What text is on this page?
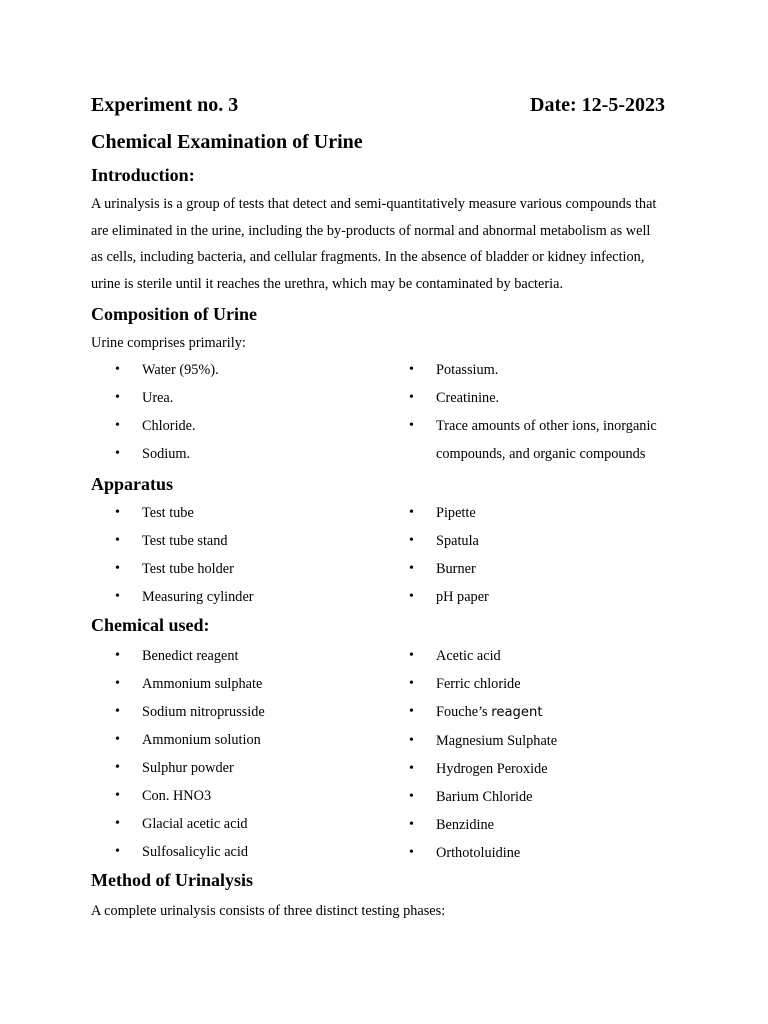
Experiment no. 3	Date: 12-5-2023
Chemical Examination of Urine
Introduction:
A urinalysis is a group of tests that detect and semi-quantitatively measure various compounds that
are eliminated in the urine, including the by-products of normal and abnormal metabolism as well
as cells, including bacteria, and cellular fragments. In the absence of bladder or kidney infection,
urine is sterile until it reaches the urethra, which may be contaminated by bacteria.
Composition of Urine
Urine comprises primarily:
• Water (95%).
• Urea.
• Chloride.
• Sodium.
• Potassium.
• Creatinine.
• Trace amounts of other ions, inorganic
compounds, and organic compounds
Apparatus
• Test tube
• Test tube stand
• Test tube holder
• Measuring cylinder
• Pipette
• Spatula
• Burner
• pH paper
Chemical used:
• Benedict reagent
• Ammonium sulphate
• Sodium nitroprusside
• Ammonium solution
• Sulphur powder
• Con. HNO3
• Glacial acetic acid
• Sulfosalicylic acid
• Acetic acid
• Ferric chloride
• Fouche’s reagent
• Magnesium Sulphate
• Hydrogen Peroxide
• Barium Chloride
• Benzidine
• Orthotoluidine
Method of Urinalysis
A complete urinalysis consists of three distinct testing phases:
